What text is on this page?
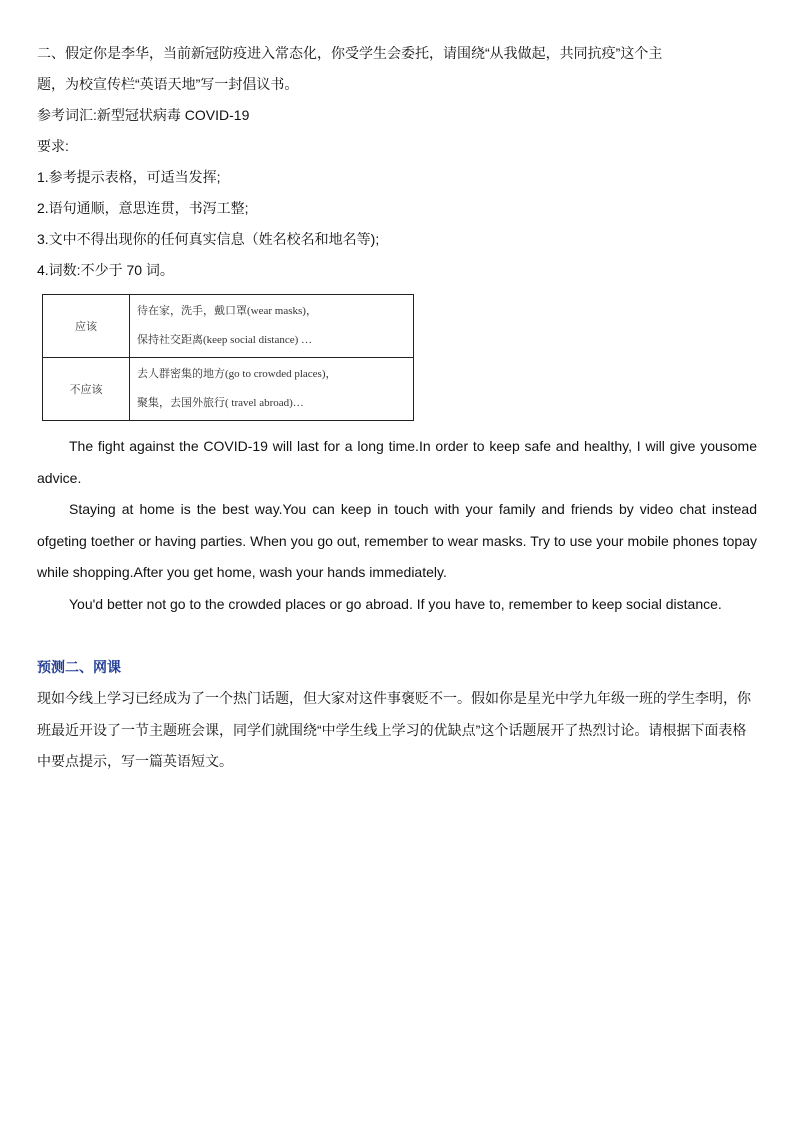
二、假定你是李华，当前新冠防疫进入常态化，你受学生会委托，请围绕“从我做起，共同抗疫”这个主
题，为校宣传栏“英语天地”写一封倡议书。
参考词汇:新型冠状病毒 COVID-19
要求:
1.参考提示表格，可适当发挥;
2.语句通顺，意思连贯，书泻工整;
3.文中不得出现你的任何真实信息（姓名校名和地名等);
4.词数:不少于 70 词。
应该	待在家，洗手，戴口罩(wear masks)，
保持社交距离(keep social distance) …

不应该	去人群密集的地方(go to crowded places)，
聚集，去国外旅行( travel abroad)…

The fight against the COVID-19 will last for a long time.In order to keep safe and healthy, I will give yousome advice.

Staying at home is the best way.You can keep in touch with your family and friends by video chat instead ofgeting toether or having parties. When you go out, remember to wear masks. Try to use your mobile phones topay while shopping.After you get home, wash your hands immediately.

You'd better not go to the crowded places or go abroad. If you have to, remember to keep social distance.

预测二、网课

现如今线上学习已经成为了一个热门话题，但大家对这件事褒贬不一。假如你是星光中学九年级一班的学生李明，你班最近开设了一节主题班会课，同学们就围绕“中学生线上学习的优缺点”这个话题展开了热烈讨论。请根据下面表格中要点提示，写一篇英语短文。
